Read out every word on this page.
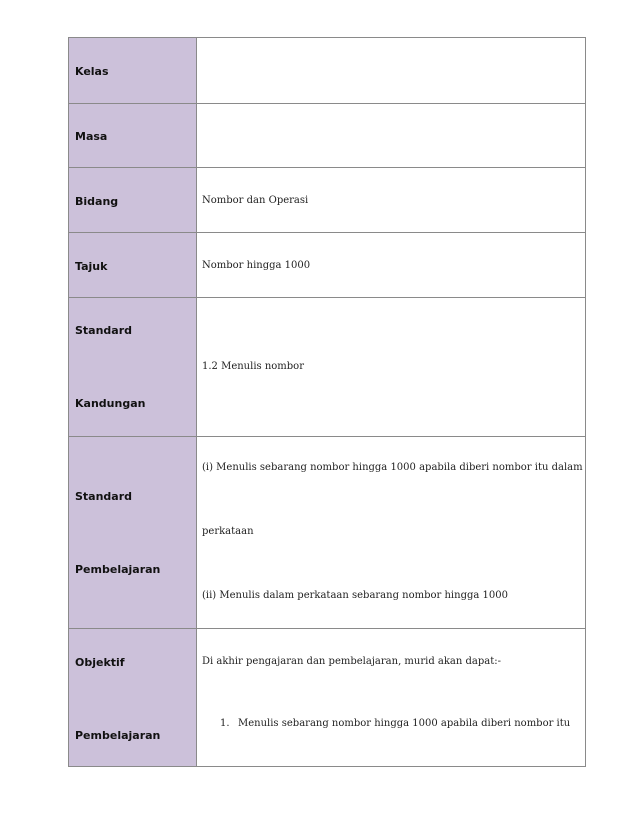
Kelas
Masa
Bidang	Nombor dan Operasi
Tajuk	Nombor hingga 1000
Standard
Kandungan
1.2 Menulis nombor
Standard
Pembelajaran
(i) Menulis sebarang nombor hingga 1000 apabila diberi nombor itu dalam
perkataan
(ii) Menulis dalam perkataan sebarang nombor hingga 1000
Objektif
Pembelajaran
Di akhir pengajaran dan pembelajaran, murid akan dapat:-
1. Menulis sebarang nombor hingga 1000 apabila diberi nombor itu
